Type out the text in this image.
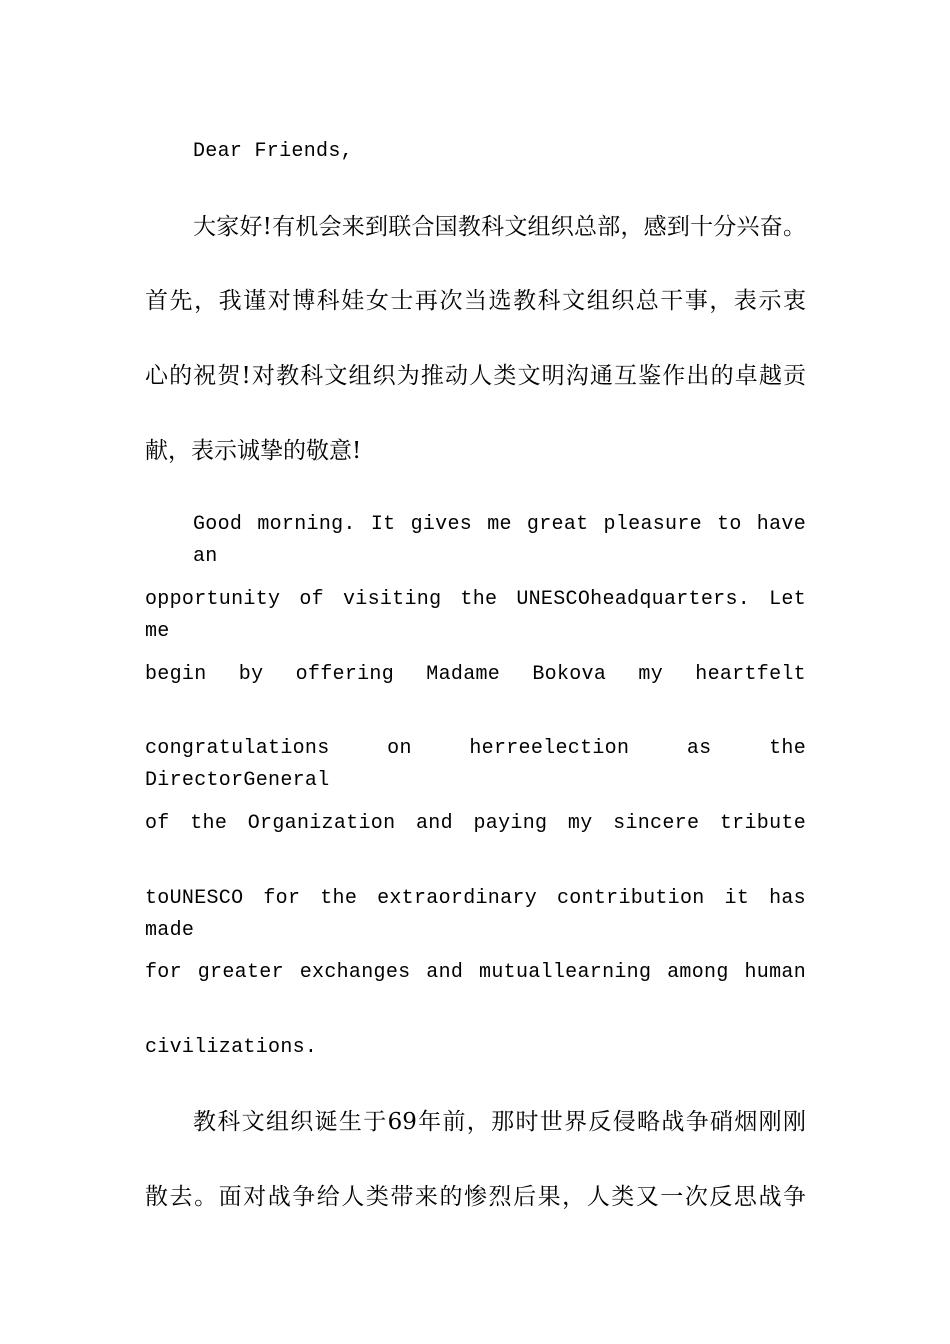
Dear Friends,
大家好!有机会来到联合国教科文组织总部，感到十分兴奋。
首先，我谨对博科娃女士再次当选教科文组织总干事，表示衷
心的祝贺!对教科文组织为推动人类文明沟通互鉴作出的卓越贡
献，表示诚挚的敬意!
Good morning. It gives me great pleasure to have an
opportunity of visiting the UNESCOheadquarters. Let me
begin by offering Madame Bokova my heartfelt
congratulations on herreelection as the DirectorGeneral
of the Organization and paying my sincere tribute
toUNESCO for the extraordinary contribution it has made
for greater exchanges and mutuallearning among human
civilizations.
教科文组织诞生于69年前，那时世界反侵略战争硝烟刚刚
散去。面对战争给人类带来的惨烈后果，人类又一次反思战争
